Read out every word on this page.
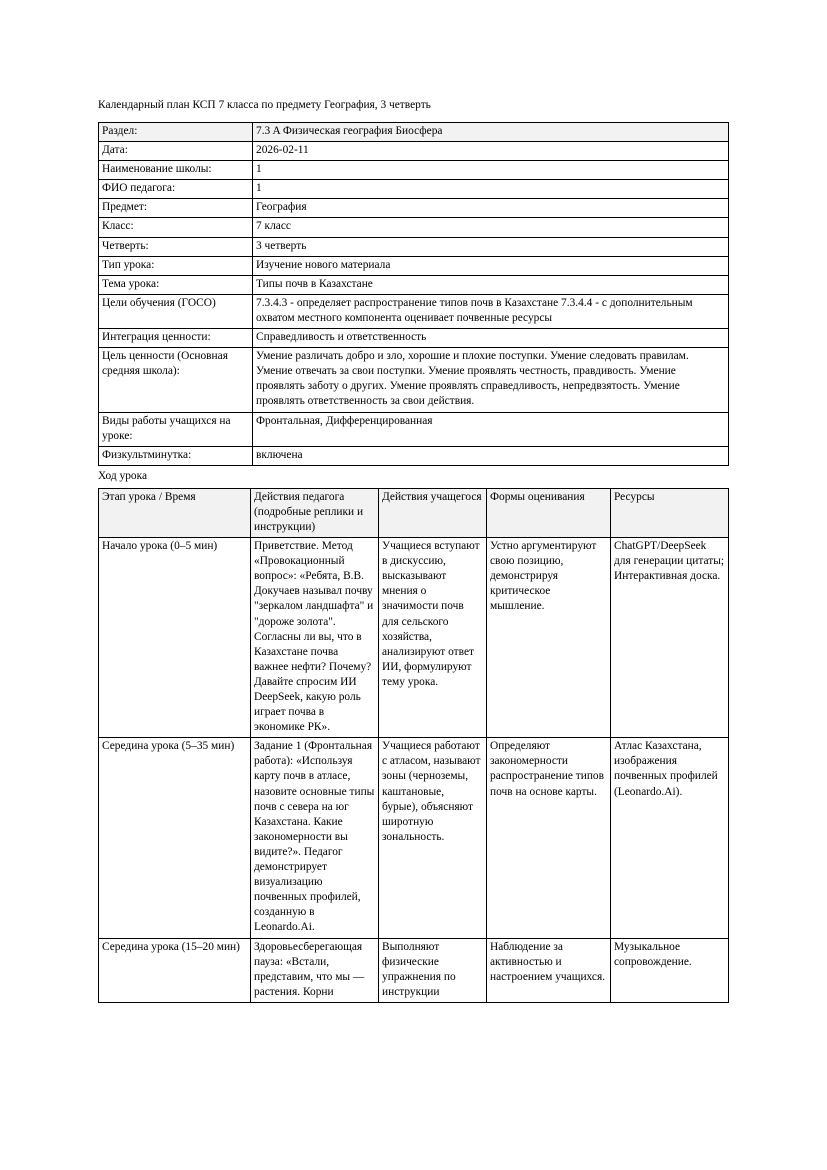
Календарный план КСП 7 класса по предмету География, 3 четверть

Раздел:	7.3 A Физическая география Биосфера
Дата:	2026-02-11
Наименование школы:	1
ФИО педагога:	1
Предмет:	География
Класс:	7 класс
Четверть:	3 четверть
Тип урока:	Изучение нового материала
Тема урока:	Типы почв в Казахстане
Цели обучения (ГОСО)	7.3.4.3 - определяет распространение типов почв в Казахстане 7.3.4.4 - с дополнительным охватом местного компонента оценивает почвенные ресурсы
Интеграция ценности:	Справедливость и ответственность
Цель ценности (Основная средняя школа):	Умение различать добро и зло, хорошие и плохие поступки. Умение следовать правилам. Умение отвечать за свои поступки. Умение проявлять честность, правдивость. Умение проявлять заботу о других. Умение проявлять справедливость, непредвзятость. Умение проявлять ответственность за свои действия.
Виды работы учащихся на уроке:	Фронтальная, Дифференцированная
Физкультминутка:	включена

Ход урока

Этап урока / Время	Действия педагога (подробные реплики и инструкции)	Действия учащегося	Формы оценивания	Ресурсы
Начало урока (0–5 мин)	Приветствие. Метод «Провокационный вопрос»: «Ребята, В.В. Докучаев называл почву "зеркалом ландшафта" и "дороже золота". Согласны ли вы, что в Казахстане почва важнее нефти? Почему? Давайте спросим ИИ DeepSeek, какую роль играет почва в экономике РК».	Учащиеся вступают в дискуссию, высказывают мнения о значимости почв для сельского хозяйства, анализируют ответ ИИ, формулируют тему урока.	Устно аргументируют свою позицию, демонстрируя критическое мышление.	ChatGPT/DeepSeek для генерации цитаты; Интерактивная доска.
Середина урока (5–35 мин)	Задание 1 (Фронтальная работа): «Используя карту почв в атласе, назовите основные типы почв с севера на юг Казахстана. Какие закономерности вы видите?». Педагог демонстрирует визуализацию почвенных профилей, созданную в Leonardo.Ai.	Учащиеся работают с атласом, называют зоны (черноземы, каштановые, бурые), объясняют широтную зональность.	Определяют закономерности распространение типов почв на основе карты.	Атлас Казахстана, изображения почвенных профилей (Leonardo.Ai).
Середина урока (15–20 мин)	Здоровьесберегающая пауза: «Встали, представим, что мы — растения. Корни	Выполняют физические упражнения по инструкции	Наблюдение за активностью и настроением учащихся.	Музыкальное сопровождение.
